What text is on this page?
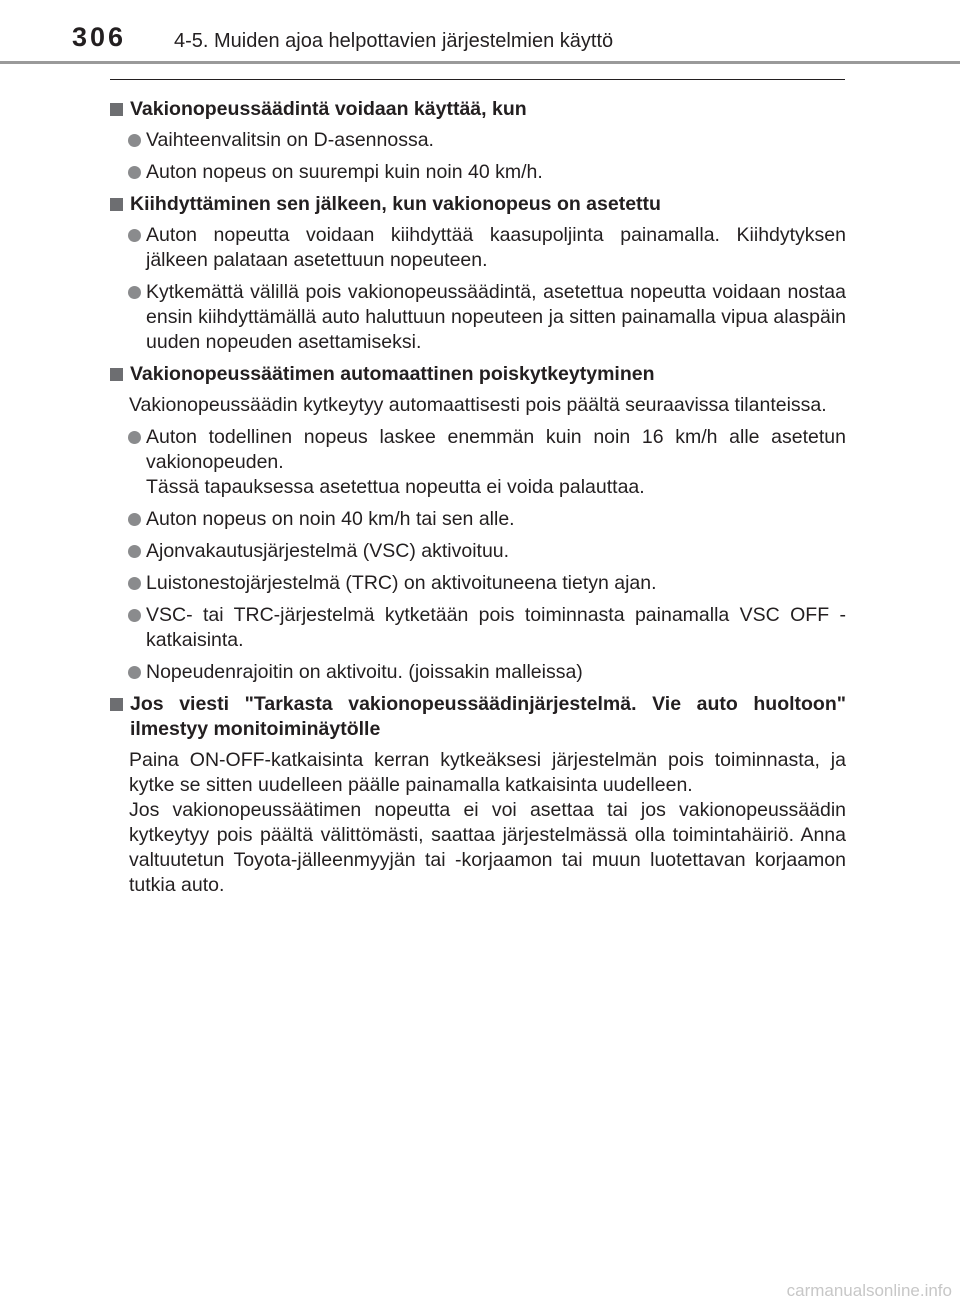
306 4-5. Muiden ajoa helpottavien järjestelmien käyttö
Vakionopeussäädintä voidaan käyttää, kun
Vaihteenvalitsin on D-asennossa.
Auton nopeus on suurempi kuin noin 40 km/h.
Kiihdyttäminen sen jälkeen, kun vakionopeus on asetettu
Auton nopeutta voidaan kiihdyttää kaasupoljinta painamalla. Kiihdytyksen jälkeen palataan asetettuun nopeuteen.
Kytkemättä välillä pois vakionopeussäädintä, asetettua nopeutta voidaan nostaa ensin kiihdyttämällä auto haluttuun nopeuteen ja sitten painamalla vipua alaspäin uuden nopeuden asettamiseksi.
Vakionopeussäätimen automaattinen poiskytkeytyminen
Vakionopeussäädin kytkeytyy automaattisesti pois päältä seuraavissa tilanteissa.
Auton todellinen nopeus laskee enemmän kuin noin 16 km/h alle asetetun vakionopeuden.
Tässä tapauksessa asetettua nopeutta ei voida palauttaa.
Auton nopeus on noin 40 km/h tai sen alle.
Ajonvakautusjärjestelmä (VSC) aktivoituu.
Luistonestojärjestelmä (TRC) on aktivoituneena tietyn ajan.
VSC- tai TRC-järjestelmä kytketään pois toiminnasta painamalla VSC OFF -katkaisinta.
Nopeudenrajoitin on aktivoitu. (joissakin malleissa)
Jos viesti "Tarkasta vakionopeussäädinjärjestelmä. Vie auto huoltoon" ilmestyy monitoiminäytölle
Paina ON-OFF-katkaisinta kerran kytkeäksesi järjestelmän pois toiminnasta, ja kytke se sitten uudelleen päälle painamalla katkaisinta uudelleen.
Jos vakionopeussäätimen nopeutta ei voi asettaa tai jos vakionopeussäädin kytkeytyy pois päältä välittömästi, saattaa järjestelmässä olla toimintahäiriö. Anna valtuutetun Toyota-jälleenmyyjän tai -korjaamon tai muun luotettavan korjaamon tutkia auto.
carmanualsonline.info
